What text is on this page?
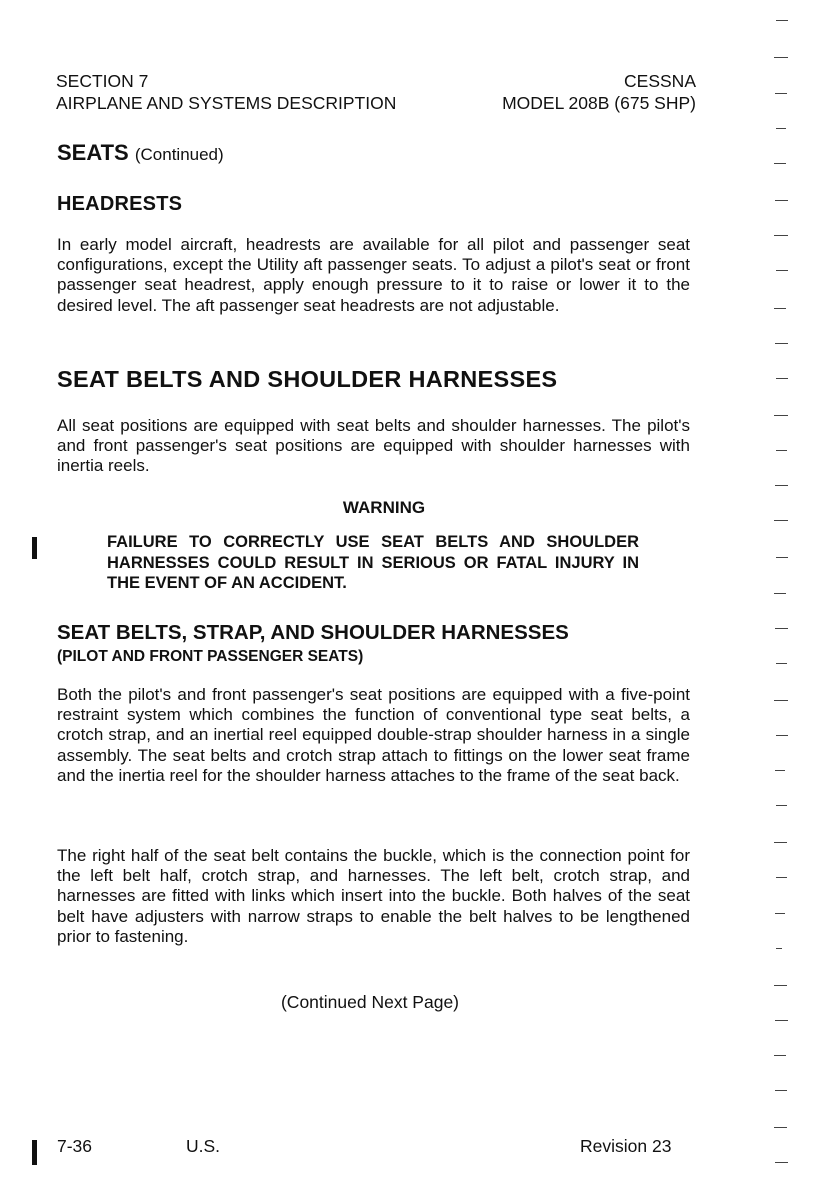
SECTION 7	CESSNA
AIRPLANE AND SYSTEMS DESCRIPTION	MODEL 208B (675 SHP)
SEATS (Continued)
HEADRESTS

In early model aircraft, headrests are available for all pilot and passenger seat configurations, except the Utility aft passenger seats. To adjust a pilot's seat or front passenger seat headrest, apply enough pressure to it to raise or lower it to the desired level. The aft passenger seat headrests are not adjustable.

SEAT BELTS AND SHOULDER HARNESSES

All seat positions are equipped with seat belts and shoulder harnesses. The pilot's and front passenger's seat positions are equipped with shoulder harnesses with inertia reels.

WARNING

FAILURE TO CORRECTLY USE SEAT BELTS AND SHOULDER HARNESSES COULD RESULT IN SERIOUS OR FATAL INJURY IN THE EVENT OF AN ACCIDENT.

SEAT BELTS, STRAP, AND SHOULDER HARNESSES
(PILOT AND FRONT PASSENGER SEATS)

Both the pilot's and front passenger's seat positions are equipped with a five-point restraint system which combines the function of conventional type seat belts, a crotch strap, and an inertial reel equipped double-strap shoulder harness in a single assembly. The seat belts and crotch strap attach to fittings on the lower seat frame and the inertia reel for the shoulder harness attaches to the frame of the seat back.

The right half of the seat belt contains the buckle, which is the connection point for the left belt half, crotch strap, and harnesses. The left belt, crotch strap, and harnesses are fitted with links which insert into the buckle. Both halves of the seat belt have adjusters with narrow straps to enable the belt halves to be lengthened prior to fastening.

(Continued Next Page)
7-36	U.S.	Revision 23
